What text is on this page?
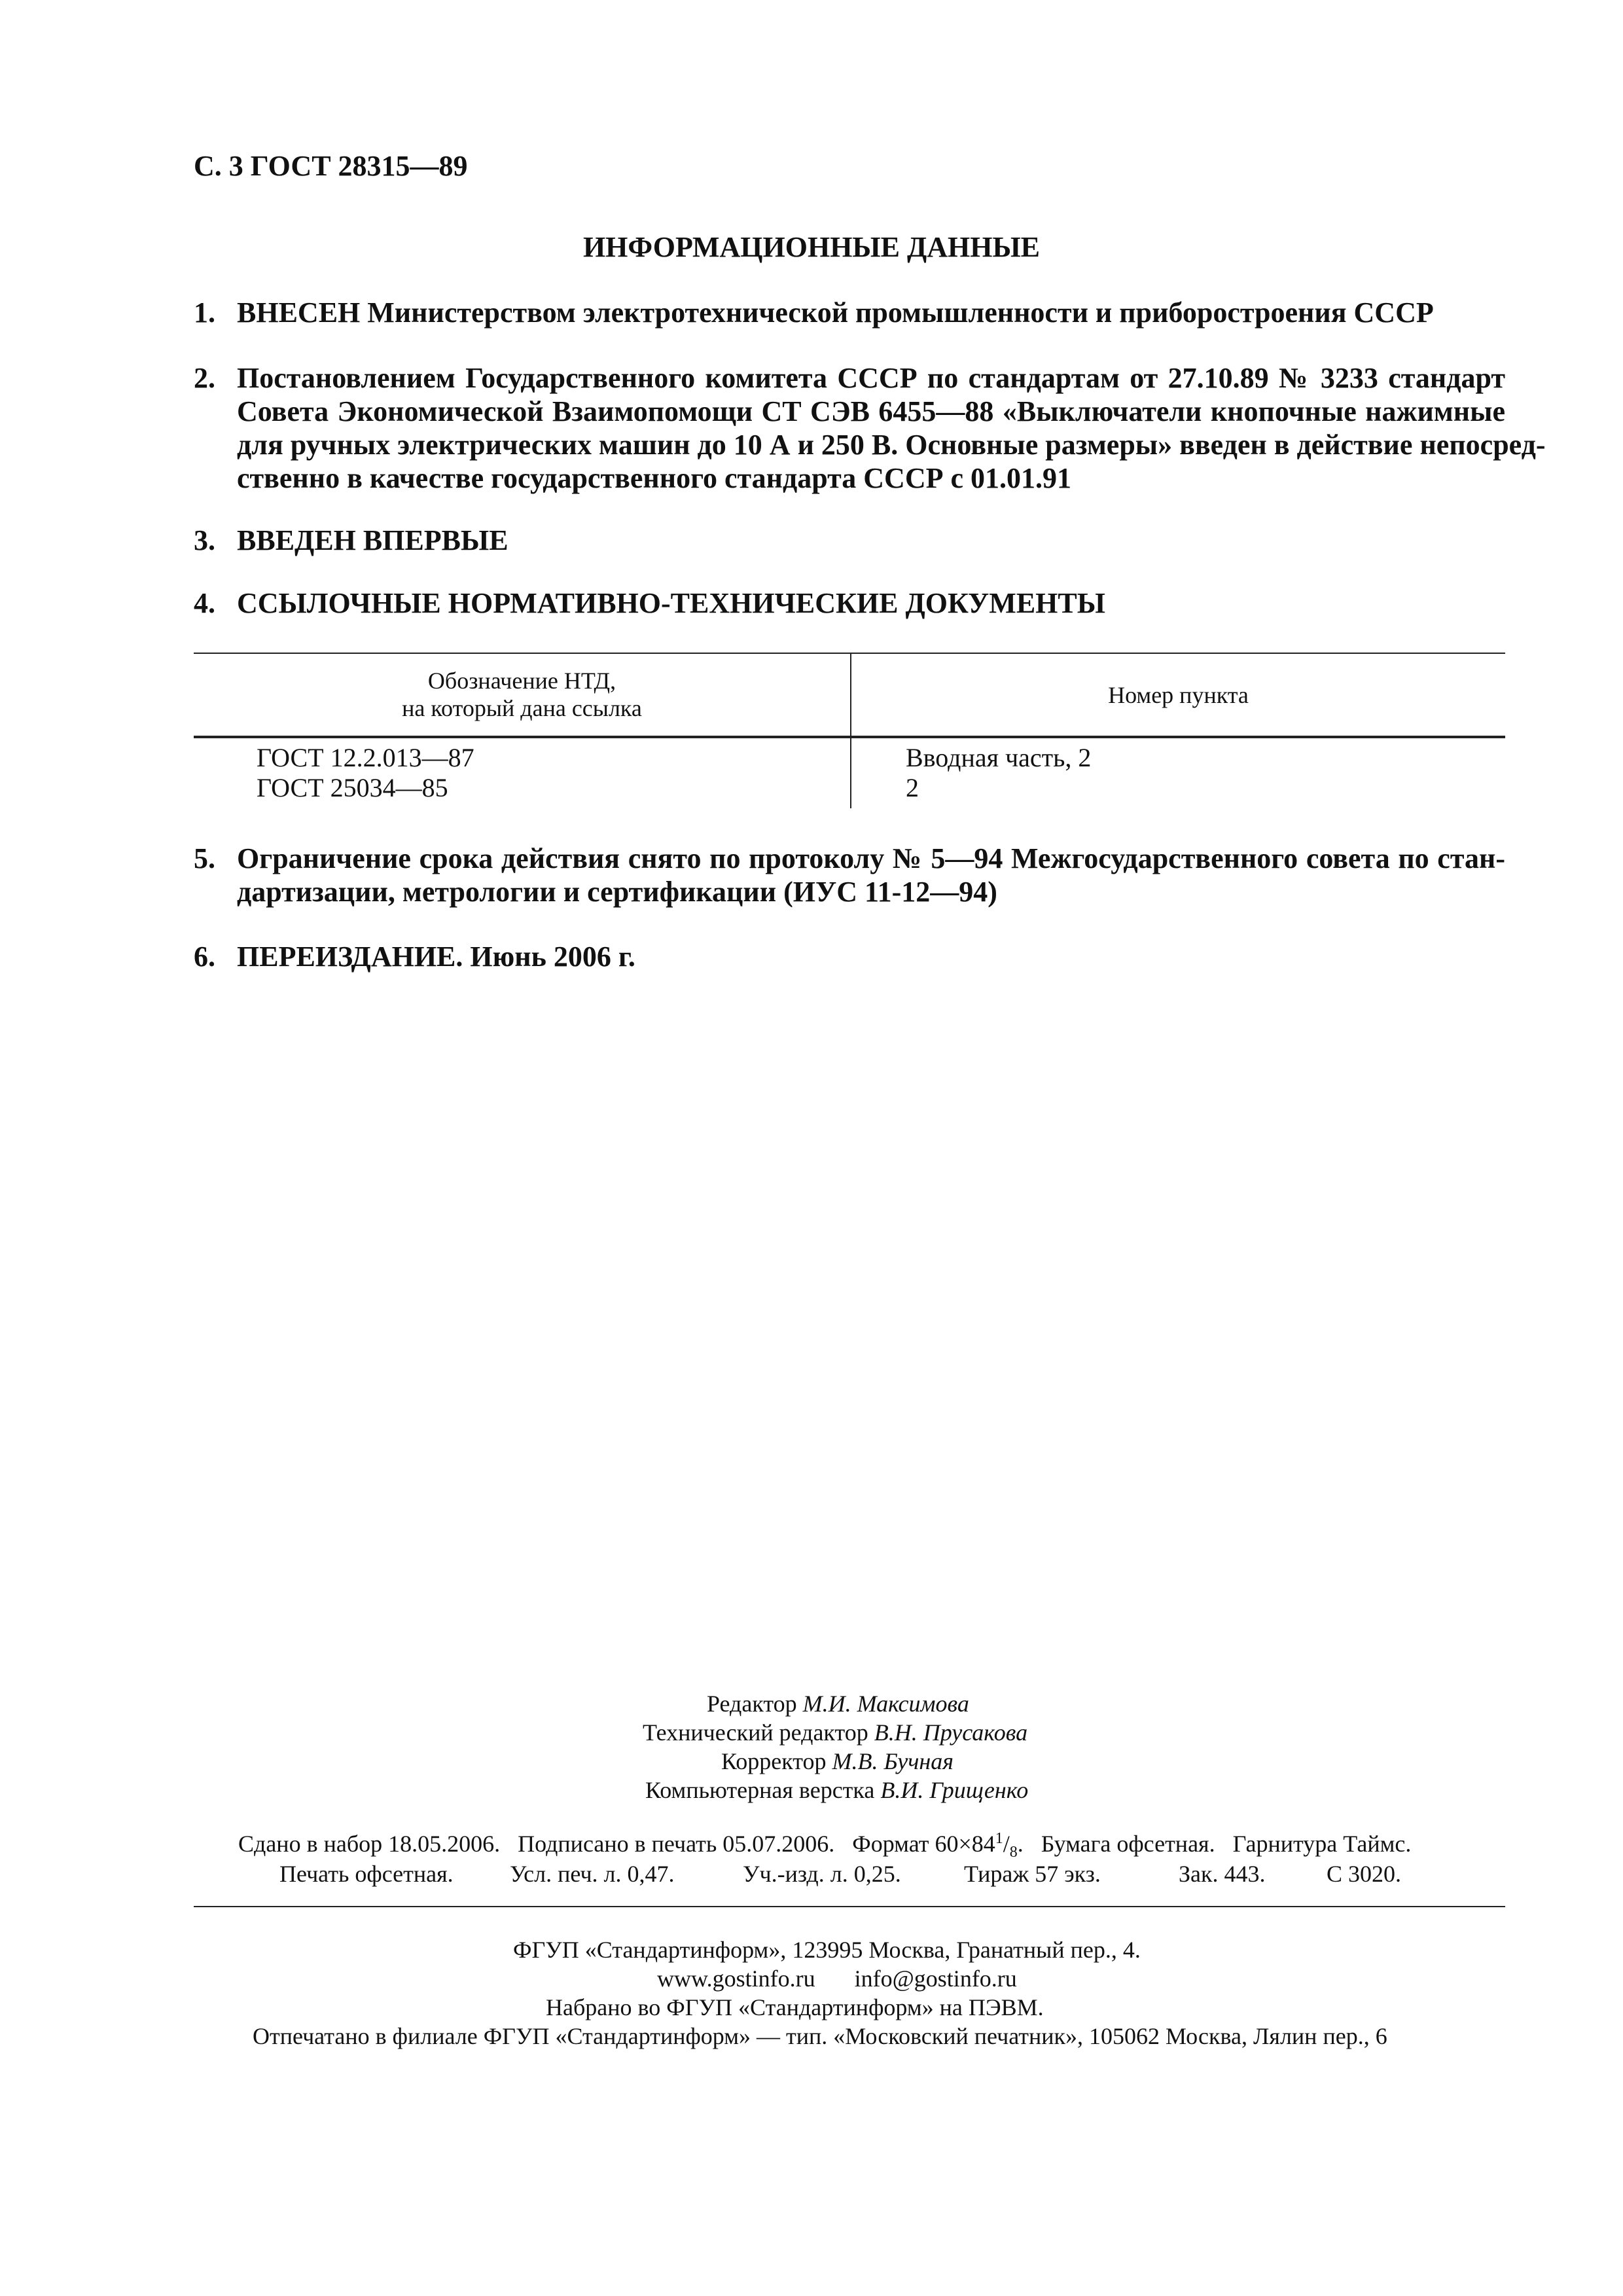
С. 3 ГОСТ 28315—89
ИНФОРМАЦИОННЫЕ ДАННЫЕ
1. ВНЕСЕН Министерством электротехнической промышленности и приборостроения СССР
2. Постановлением Государственного комитета СССР по стандартам от 27.10.89 № 3233 стандарт
Совета Экономической Взаимопомощи СТ СЭВ 6455—88 «Выключатели кнопочные нажимные
для ручных электрических машин до 10 А и 250 В. Основные размеры» введен в действие непосред-
ственно в качестве государственного стандарта СССР с 01.01.91
3. ВВЕДЕН ВПЕРВЫЕ
4. ССЫЛОЧНЫЕ НОРМАТИВНО-ТЕХНИЧЕСКИЕ ДОКУМЕНТЫ
Обозначение НТД,
на который дана ссылка	Номер пункта
ГОСТ 12.2.013—87	Вводная часть, 2
ГОСТ 25034—85	2
5. Ограничение срока действия снято по протоколу № 5—94 Межгосударственного совета по стан-
дартизации, метрологии и сертификации (ИУС 11-12—94)
6. ПЕРЕИЗДАНИЕ. Июнь 2006 г.
Редактор М.И. Максимова
Технический редактор В.Н. Прусакова
Корректор М.В. Бучная
Компьютерная верстка В.И. Грищенко
Сдано в набор 18.05.2006. Подписано в печать 05.07.2006. Формат $60\times 84^1/_8$. Бумага офсетная. Гарнитура Таймс.
Печать офсетная. Усл. печ. л. 0,47.	Уч.-изд. л. 0,25.	Тираж 57 экз.	Зак. 443.	С 3020.
ФГУП «Стандартинформ», 123995 Москва, Гранатный пер., 4.
www.gostinfo.ru info@gostinfo.ru
Набрано во ФГУП «Стандартинформ» на ПЭВМ.
Отпечатано в филиале ФГУП «Стандартинформ» — тип. «Московский печатник», 105062 Москва, Лялин пер., 6
